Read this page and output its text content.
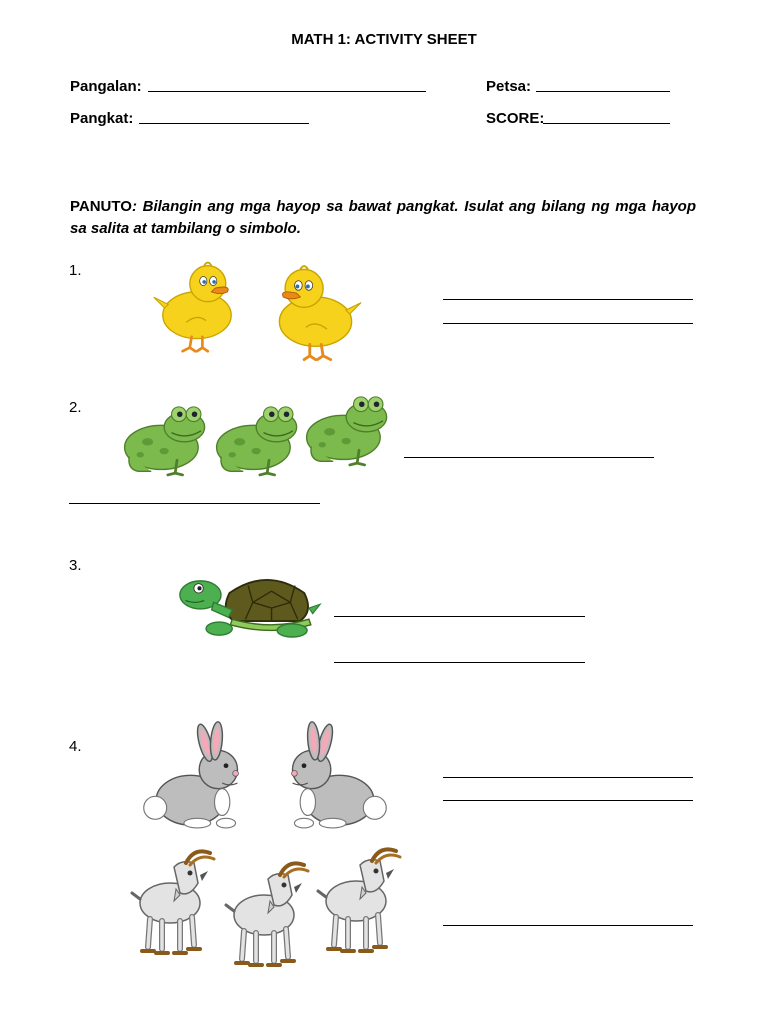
MATH 1: ACTIVITY SHEET
Pangalan:	Petsa:
Pangkat:	SCORE:
PANUTO: Bilangin ang mga hayop sa bawat pangkat. Isulat ang bilang ng mga hayop sa salita at tambilang o simbolo.
1.
2.
3.
4.
